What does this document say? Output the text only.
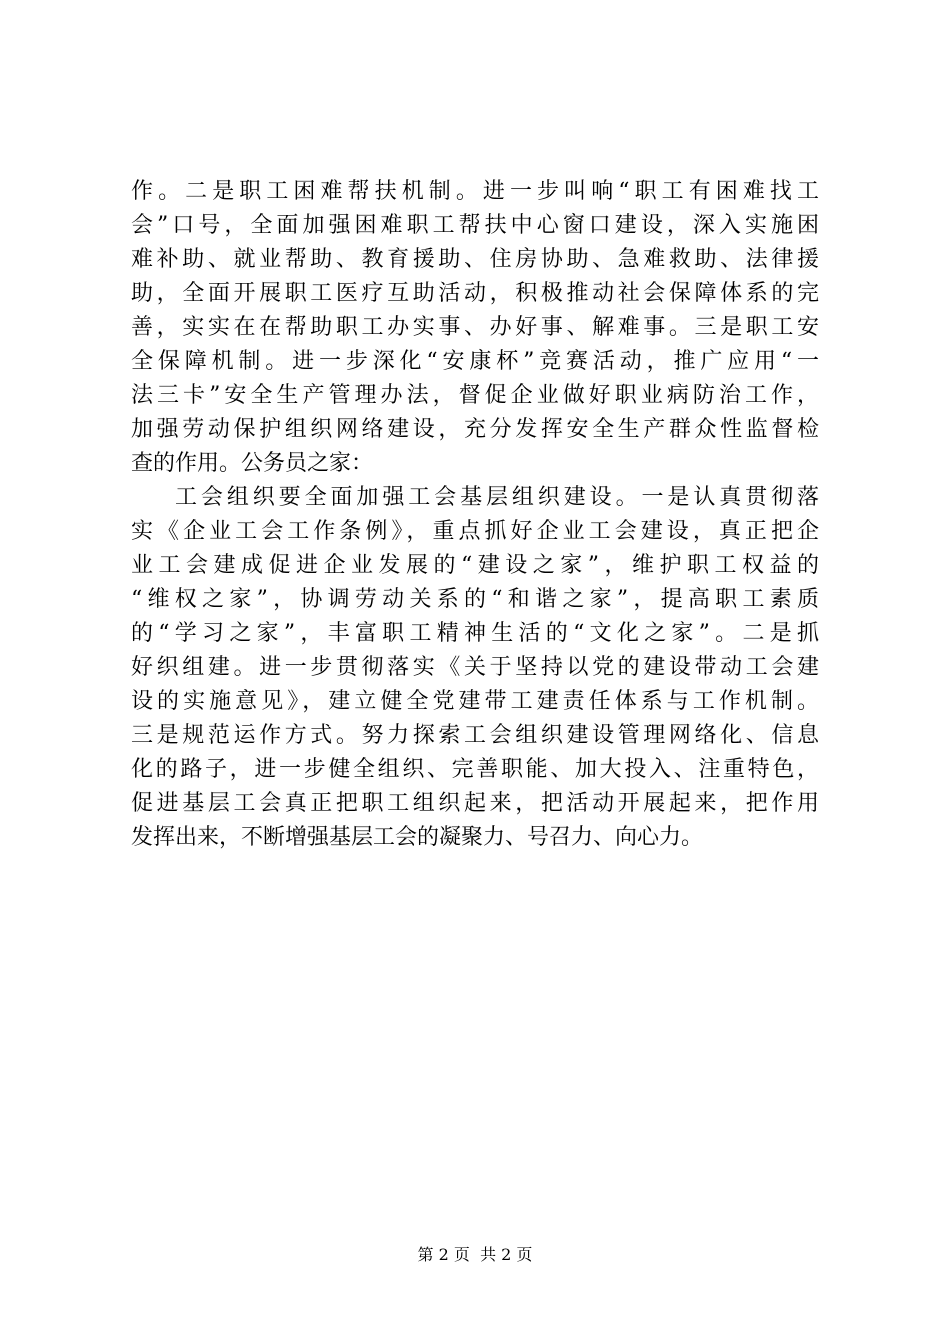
作。二是职工困难帮扶机制。进一步叫响“职工有困难找工
会”口号，全面加强困难职工帮扶中心窗口建设，深入实施困
难补助、就业帮助、教育援助、住房协助、急难救助、法律援
助，全面开展职工医疗互助活动，积极推动社会保障体系的完
善，实实在在帮助职工办实事、办好事、解难事。三是职工安
全保障机制。进一步深化“安康杯”竞赛活动，推广应用“一
法三卡”安全生产管理办法，督促企业做好职业病防治工作，
加强劳动保护组织网络建设，充分发挥安全生产群众性监督检
查的作用。公务员之家：
工会组织要全面加强工会基层组织建设。一是认真贯彻落
实《企业工会工作条例》，重点抓好企业工会建设，真正把企
业工会建成促进企业发展的“建设之家”，维护职工权益的
“维权之家”，协调劳动关系的“和谐之家”，提高职工素质
的“学习之家”，丰富职工精神生活的“文化之家”。二是抓
好织组建。进一步贯彻落实《关于坚持以党的建设带动工会建
设的实施意见》，建立健全党建带工建责任体系与工作机制。
三是规范运作方式。努力探索工会组织建设管理网络化、信息
化的路子，进一步健全组织、完善职能、加大投入、注重特色，
促进基层工会真正把职工组织起来，把活动开展起来，把作用
发挥出来，不断增强基层工会的凝聚力、号召力、向心力。
第 2 页  共 2 页
